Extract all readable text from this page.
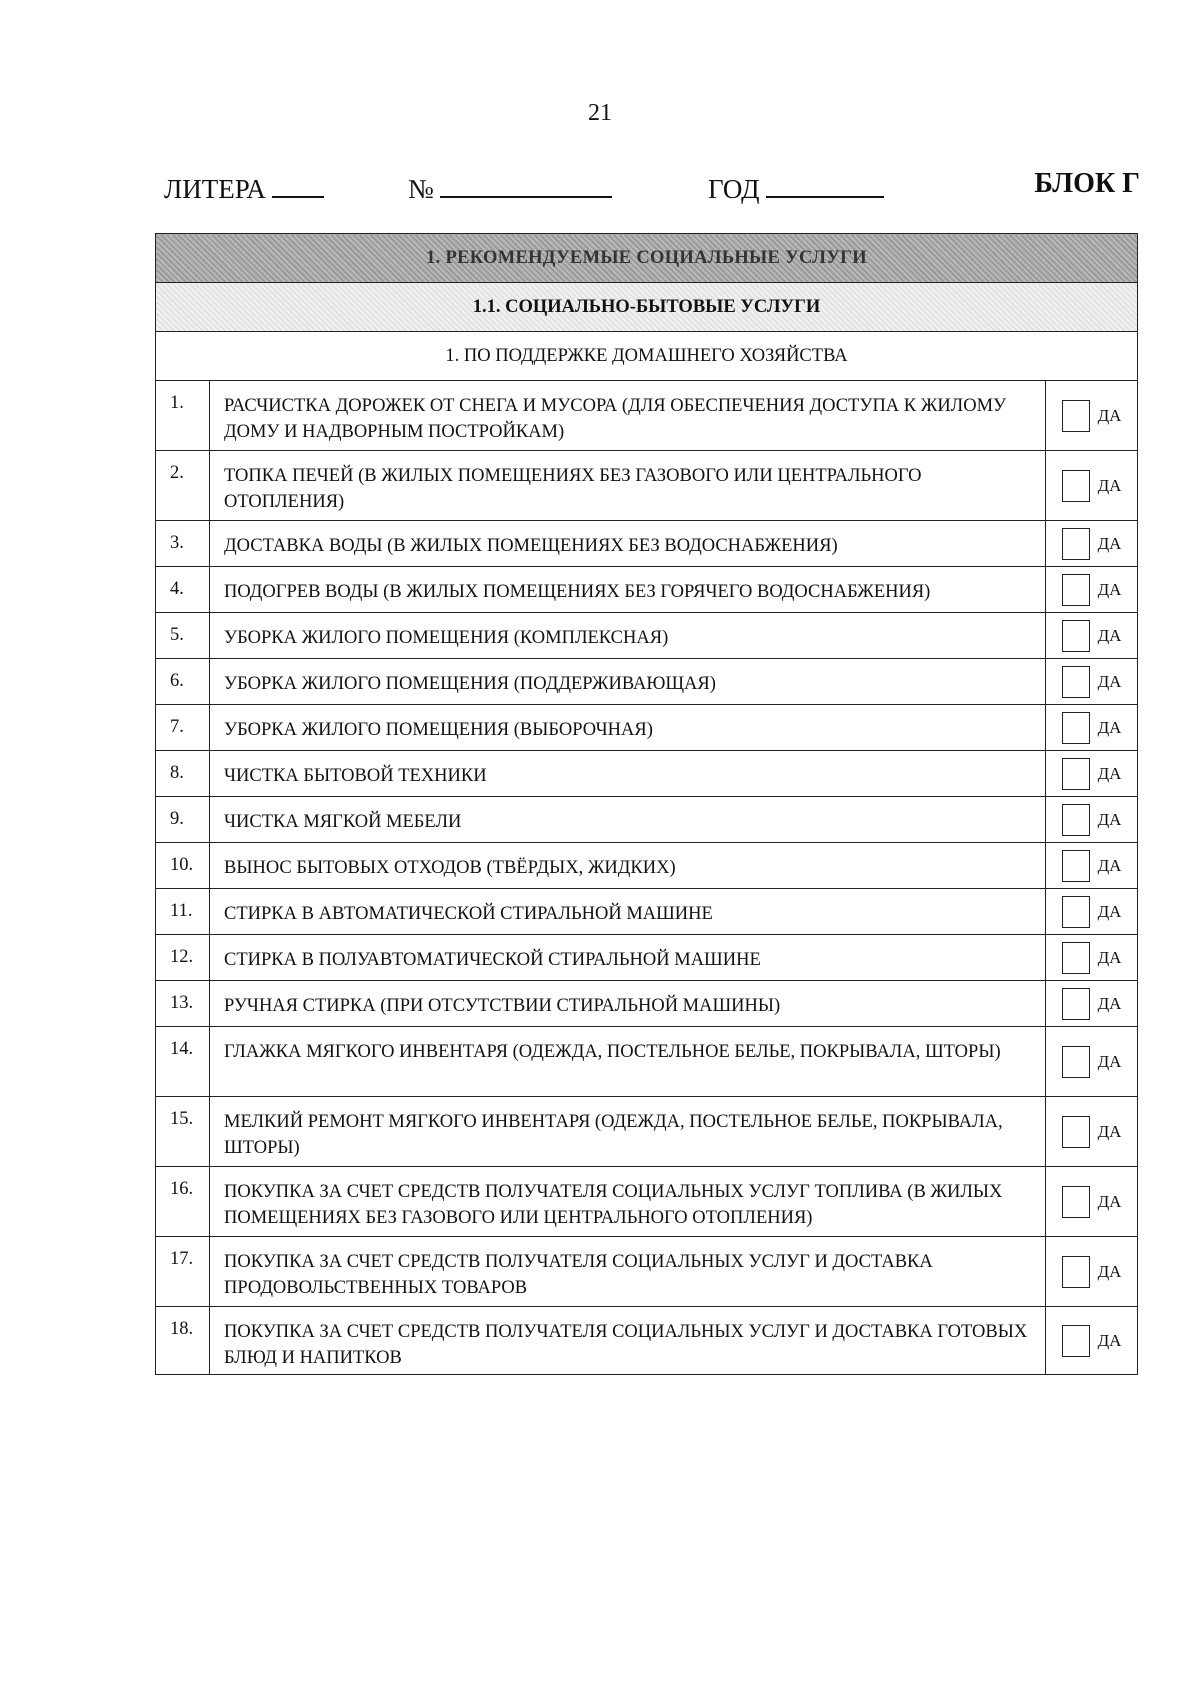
21
ЛИТЕРА	№	ГОД	БЛОК Г
1. РЕКОМЕНДУЕМЫЕ СОЦИАЛЬНЫЕ УСЛУГИ		
1.1. СОЦИАЛЬНО-БЫТОВЫЕ УСЛУГИ		
1. ПО ПОДДЕРЖКЕ ДОМАШНЕГО ХОЗЯЙСТВА		
1.	РАСЧИСТКА ДОРОЖЕК ОТ СНЕГА И МУСОРА (ДЛЯ ОБЕСПЕЧЕНИЯ ДОСТУПА К ЖИЛОМУ ДОМУ И НАДВОРНЫМ ПОСТРОЙКАМ)	ДА
2.	ТОПКА ПЕЧЕЙ (В ЖИЛЫХ ПОМЕЩЕНИЯХ БЕЗ ГАЗОВОГО ИЛИ ЦЕНТРАЛЬНОГО ОТОПЛЕНИЯ)	ДА
3.	ДОСТАВКА ВОДЫ (В ЖИЛЫХ ПОМЕЩЕНИЯХ БЕЗ ВОДОСНАБЖЕНИЯ)	ДА
4.	ПОДОГРЕВ ВОДЫ (В ЖИЛЫХ ПОМЕЩЕНИЯХ БЕЗ ГОРЯЧЕГО ВОДОСНАБЖЕНИЯ)	ДА
5.	УБОРКА ЖИЛОГО ПОМЕЩЕНИЯ (КОМПЛЕКСНАЯ)	ДА
6.	УБОРКА ЖИЛОГО ПОМЕЩЕНИЯ (ПОДДЕРЖИВАЮЩАЯ)	ДА
7.	УБОРКА ЖИЛОГО ПОМЕЩЕНИЯ (ВЫБОРОЧНАЯ)	ДА
8.	ЧИСТКА БЫТОВОЙ ТЕХНИКИ	ДА
9.	ЧИСТКА МЯГКОЙ МЕБЕЛИ	ДА
10.	ВЫНОС БЫТОВЫХ ОТХОДОВ (ТВЁРДЫХ, ЖИДКИХ)	ДА
11.	СТИРКА В АВТОМАТИЧЕСКОЙ СТИРАЛЬНОЙ МАШИНЕ	ДА
12.	СТИРКА В ПОЛУАВТОМАТИЧЕСКОЙ СТИРАЛЬНОЙ МАШИНЕ	ДА
13.	РУЧНАЯ СТИРКА (ПРИ ОТСУТСТВИИ СТИРАЛЬНОЙ МАШИНЫ)	ДА
14.	ГЛАЖКА МЯГКОГО ИНВЕНТАРЯ (ОДЕЖДА, ПОСТЕЛЬНОЕ БЕЛЬЕ, ПОКРЫВАЛА, ШТОРЫ)	ДА
15.	МЕЛКИЙ РЕМОНТ МЯГКОГО ИНВЕНТАРЯ (ОДЕЖДА, ПОСТЕЛЬНОЕ БЕЛЬЕ, ПОКРЫВАЛА, ШТОРЫ)	ДА
16.	ПОКУПКА ЗА СЧЕТ СРЕДСТВ ПОЛУЧАТЕЛЯ СОЦИАЛЬНЫХ УСЛУГ ТОПЛИВА (В ЖИЛЫХ ПОМЕЩЕНИЯХ БЕЗ ГАЗОВОГО ИЛИ ЦЕНТРАЛЬНОГО ОТОПЛЕНИЯ)	ДА
17.	ПОКУПКА ЗА СЧЕТ СРЕДСТВ ПОЛУЧАТЕЛЯ СОЦИАЛЬНЫХ УСЛУГ И ДОСТАВКА ПРОДОВОЛЬСТВЕННЫХ ТОВАРОВ	ДА
18.	ПОКУПКА ЗА СЧЕТ СРЕДСТВ ПОЛУЧАТЕЛЯ СОЦИАЛЬНЫХ УСЛУГ И ДОСТАВКА ГОТОВЫХ БЛЮД И НАПИТКОВ	ДА
